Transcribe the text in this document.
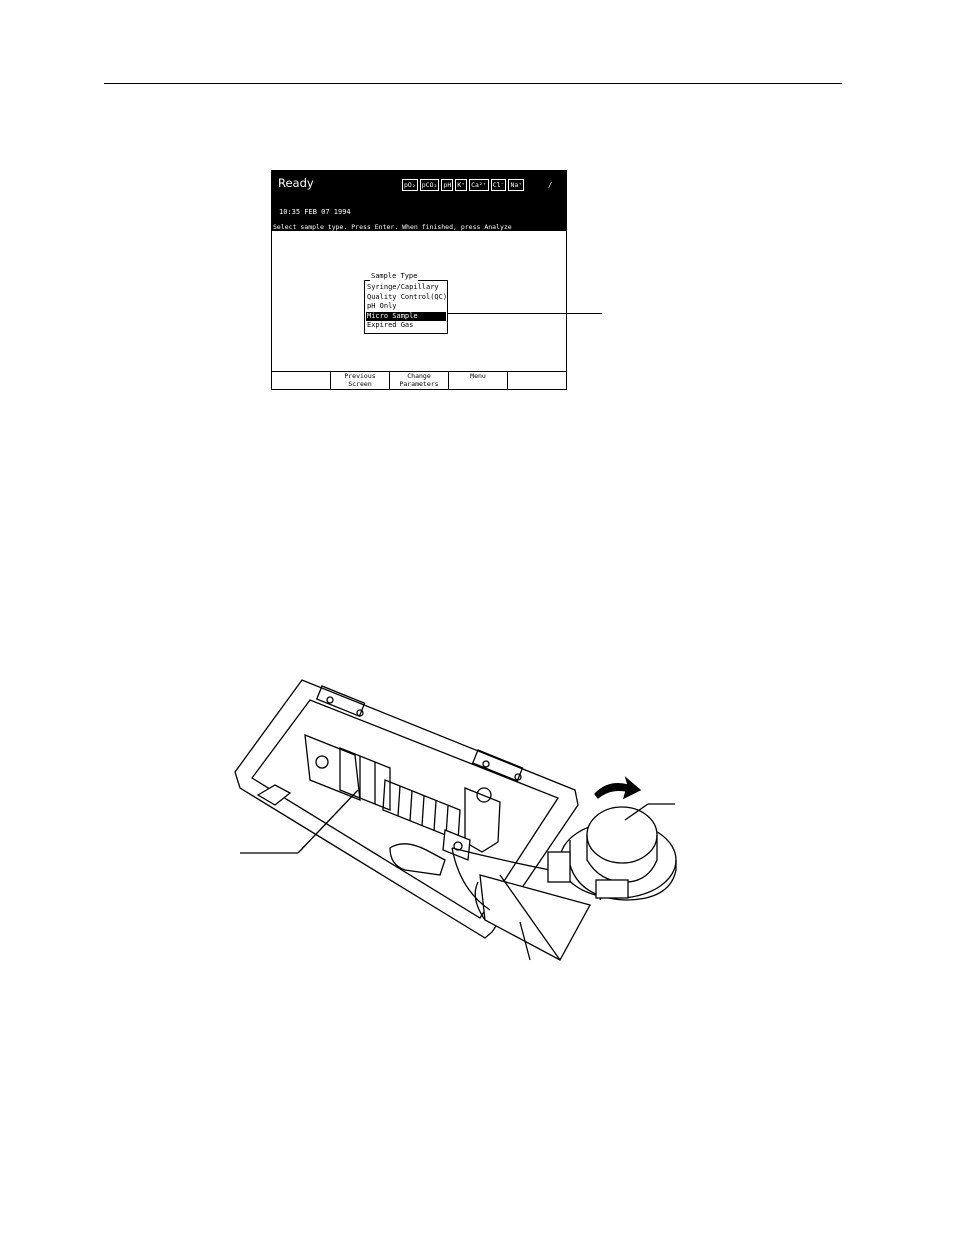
Ready	pO₂ pCO₂ pH K⁺ Ca²⁺ Cl⁻ Na⁺	/
10:35 FEB 07 1994
Select sample type. Press Enter. When finished, press Analyze
Sample Type
Syringe/Capillary
Quality Control(QC)
pH Only
Micro Sample
Expired Gas
Previous
Screen
Change
Parameters
Menu
